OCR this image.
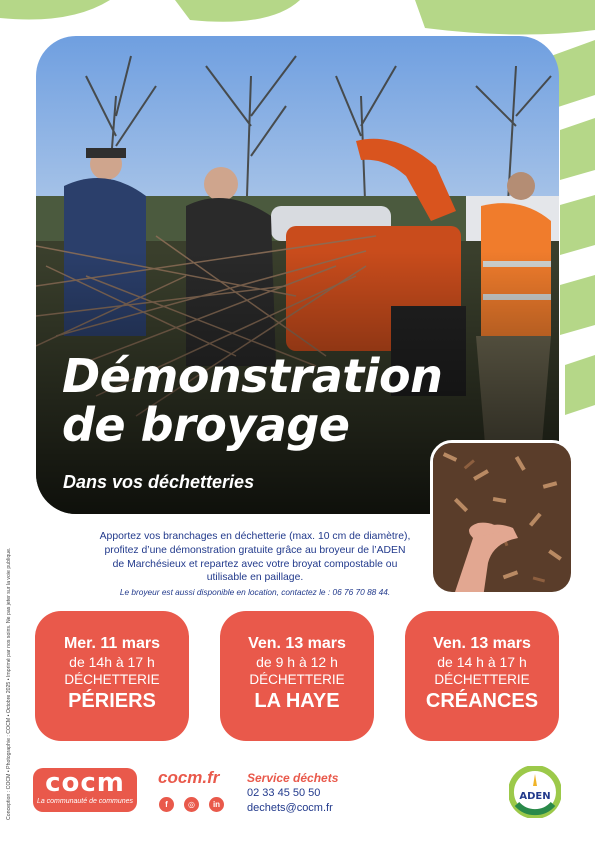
Démonstration
de broyage
Dans vos déchetteries

Apportez vos branchages en déchetterie (max. 10 cm de diamètre),
profitez d’une démonstration gratuite grâce au broyeur de l’ADEN
de Marchésieux et repartez avec votre broyat compostable ou
utilisable en paillage.

Le broyeur est aussi disponible en location, contactez le : 06 76 70 88 44.
Mer. 11 mars
de 14h à 17 h
DÉCHETTERIE
PÉRIERS
Ven. 13 mars
de 9 h à 12 h
DÉCHETTERIE
LA HAYE
Ven. 13 mars
de 14 h à 17 h
DÉCHETTERIE
CRÉANCES
Conception : COCM • Photographie : COCM • Octobre 2025 • Imprimé par nos soins. Ne pas jeter sur la voie publique.	cocm
La communauté de communes
cocm.fr
f	◎	in
Service déchets
02 33 45 50 50
dechets@cocm.fr
ADEN
